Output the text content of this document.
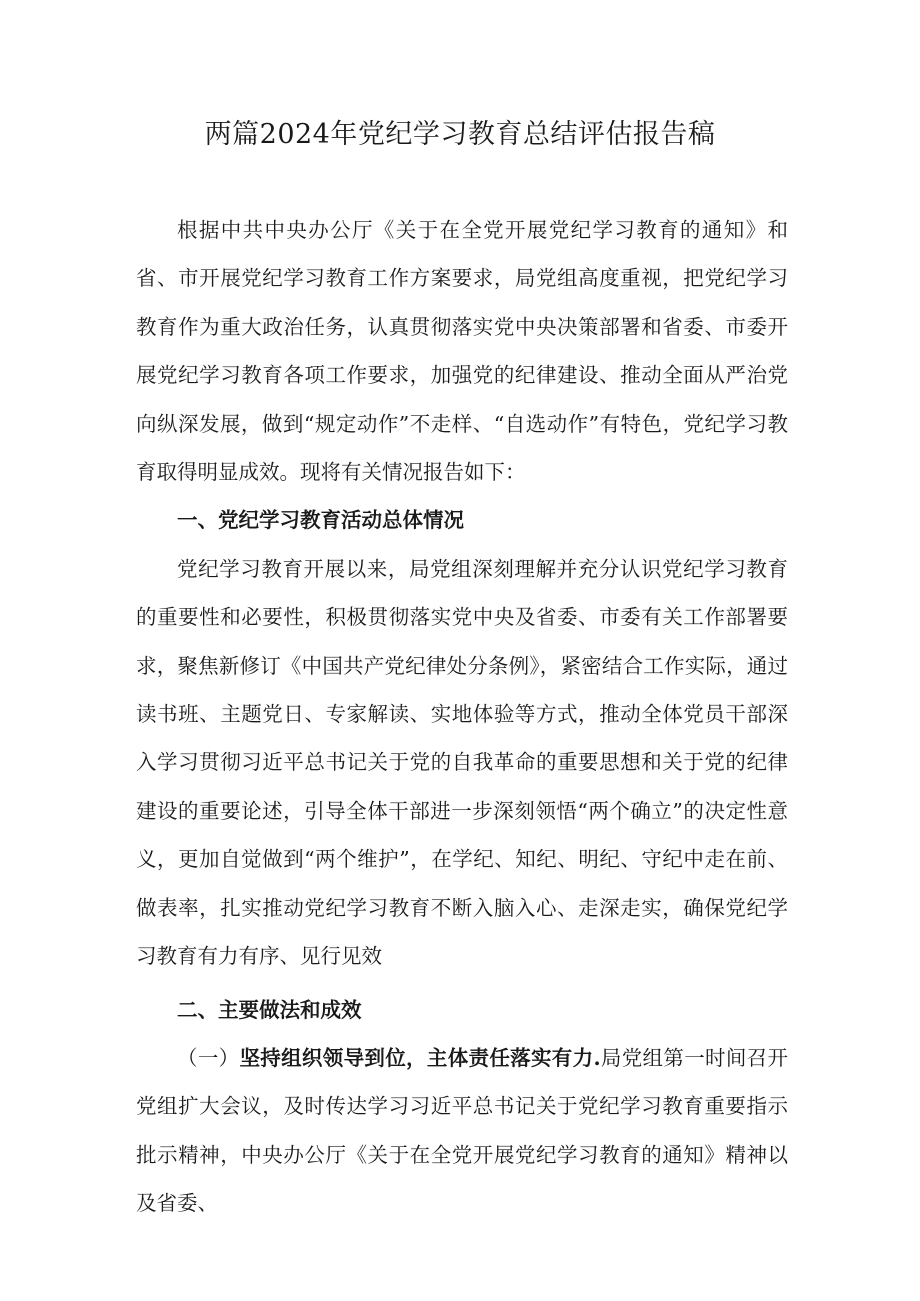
两篇2024年党纪学习教育总结评估报告稿

根据中共中央办公厅《关于在全党开展党纪学习教育的通知》和省、市开展党纪学习教育工作方案要求，局党组高度重视，把党纪学习教育作为重大政治任务，认真贯彻落实党中央决策部署和省委、市委开展党纪学习教育各项工作要求，加强党的纪律建设、推动全面从严治党向纵深发展，做到“规定动作”不走样、“自选动作”有特色，党纪学习教育取得明显成效。现将有关情况报告如下：

一、党纪学习教育活动总体情况

党纪学习教育开展以来，局党组深刻理解并充分认识党纪学习教育的重要性和必要性，积极贯彻落实党中央及省委、市委有关工作部署要求，聚焦新修订《中国共产党纪律处分条例》，紧密结合工作实际，通过读书班、主题党日、专家解读、实地体验等方式，推动全体党员干部深入学习贯彻习近平总书记关于党的自我革命的重要思想和关于党的纪律建设的重要论述，引导全体干部进一步深刻领悟“两个确立”的决定性意义，更加自觉做到“两个维护”，在学纪、知纪、明纪、守纪中走在前、做表率，扎实推动党纪学习教育不断入脑入心、走深走实，确保党纪学习教育有力有序、见行见效

二、主要做法和成效

（一）坚持组织领导到位，主体责任落实有力.局党组第一时间召开党组扩大会议，及时传达学习习近平总书记关于党纪学习教育重要指示批示精神，中央办公厅《关于在全党开展党纪学习教育的通知》精神以及省委、
